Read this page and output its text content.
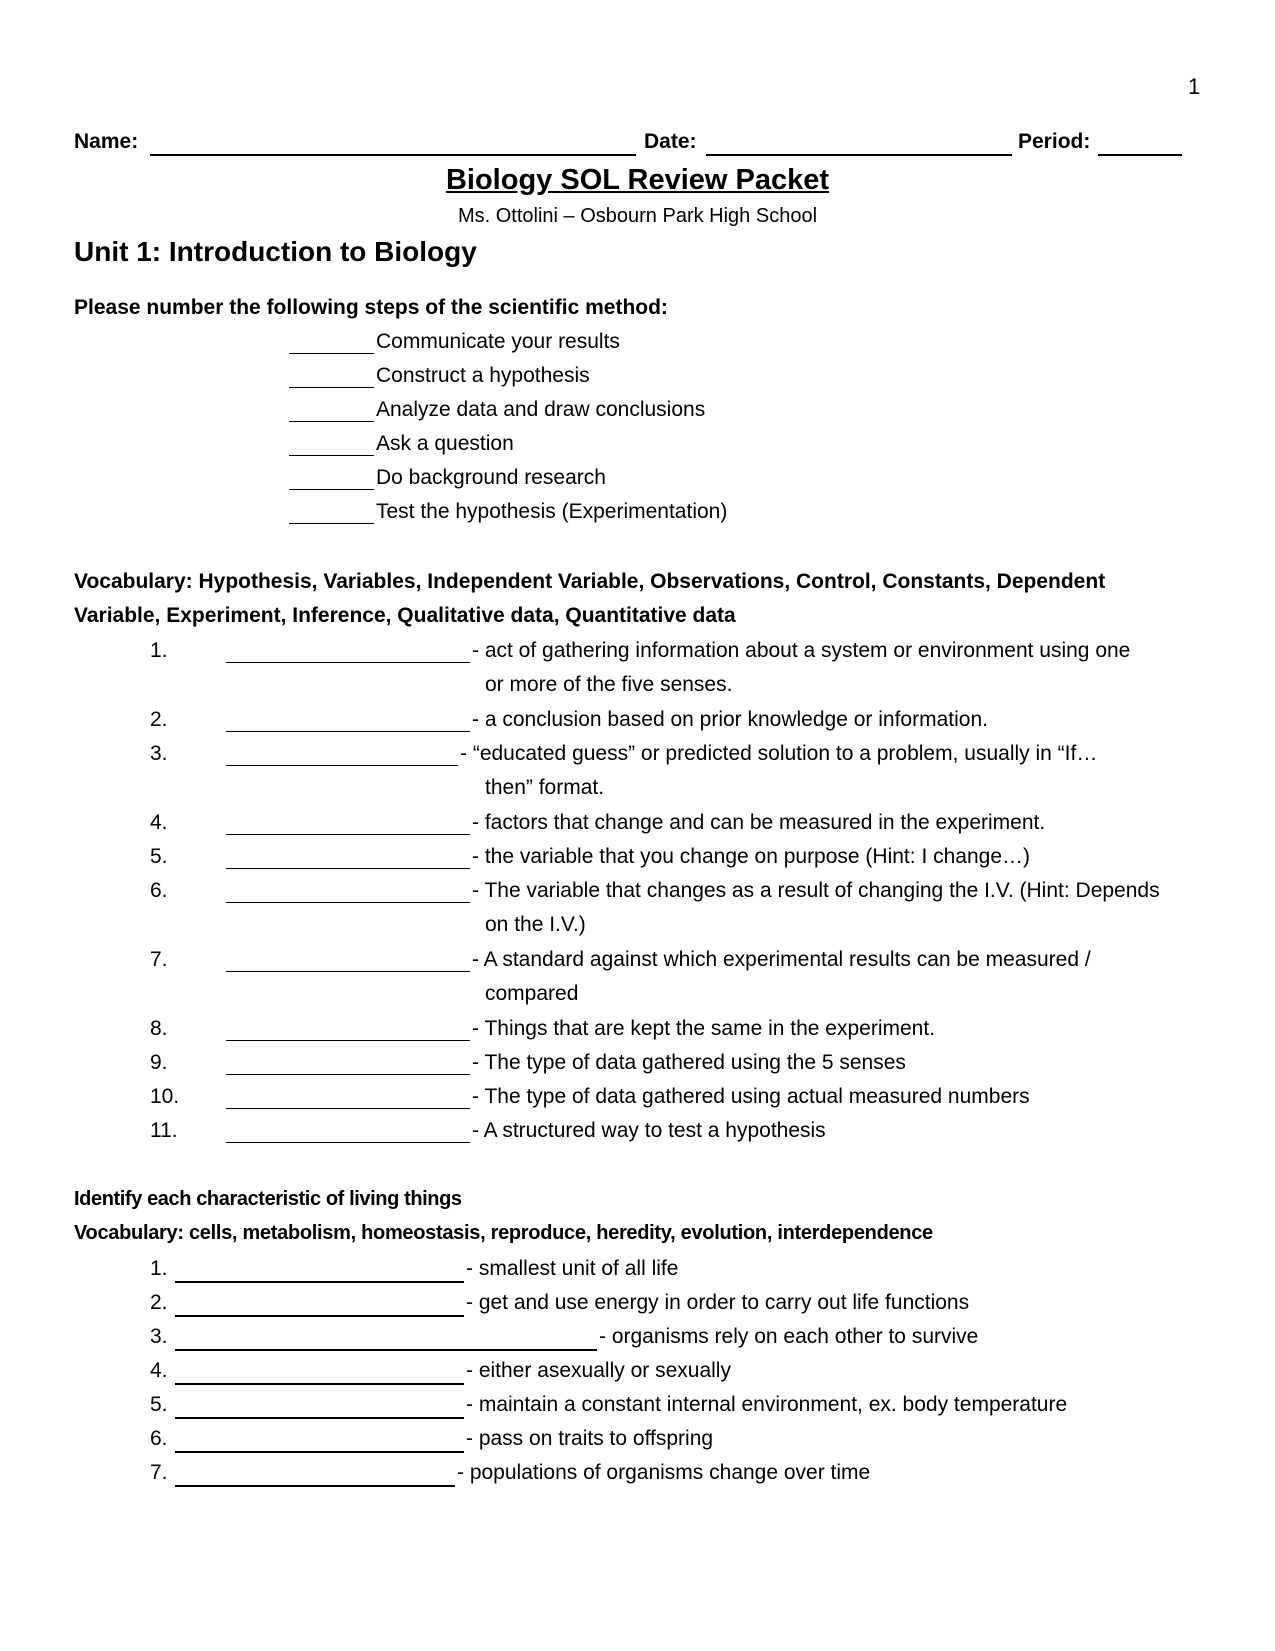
1
Name:	Date:	Period:
Biology SOL Review Packet
Ms. Ottolini – Osbourn Park High School
Unit 1: Introduction to Biology
Please number the following steps of the scientific method:
Communicate your results
Construct a hypothesis
Analyze data and draw conclusions
Ask a question
Do background research
Test the hypothesis (Experimentation)
Vocabulary: Hypothesis, Variables, Independent Variable, Observations, Control, Constants, Dependent
Variable, Experiment, Inference, Qualitative data, Quantitative data
1.	- act of gathering information about a system or environment using one
or more of the five senses.
2.	- a conclusion based on prior knowledge or information.
3.	- “educated guess” or predicted solution to a problem, usually in “If…
then” format.
4.	- factors that change and can be measured in the experiment.
5.	- the variable that you change on purpose (Hint: I change…)
6.	- The variable that changes as a result of changing the I.V. (Hint: Depends
on the I.V.)
7.	- A standard against which experimental results can be measured /
compared
8.	- Things that are kept the same in the experiment.
9.	- The type of data gathered using the 5 senses
10.	- The type of data gathered using actual measured numbers
11.	- A structured way to test a hypothesis
Identify each characteristic of living things
Vocabulary: cells, metabolism, homeostasis, reproduce, heredity, evolution, interdependence
1.	- smallest unit of all life
2.	- get and use energy in order to carry out life functions
3.	- organisms rely on each other to survive
4.	- either asexually or sexually
5.	- maintain a constant internal environment, ex. body temperature
6.	- pass on traits to offspring
7.	- populations of organisms change over time
